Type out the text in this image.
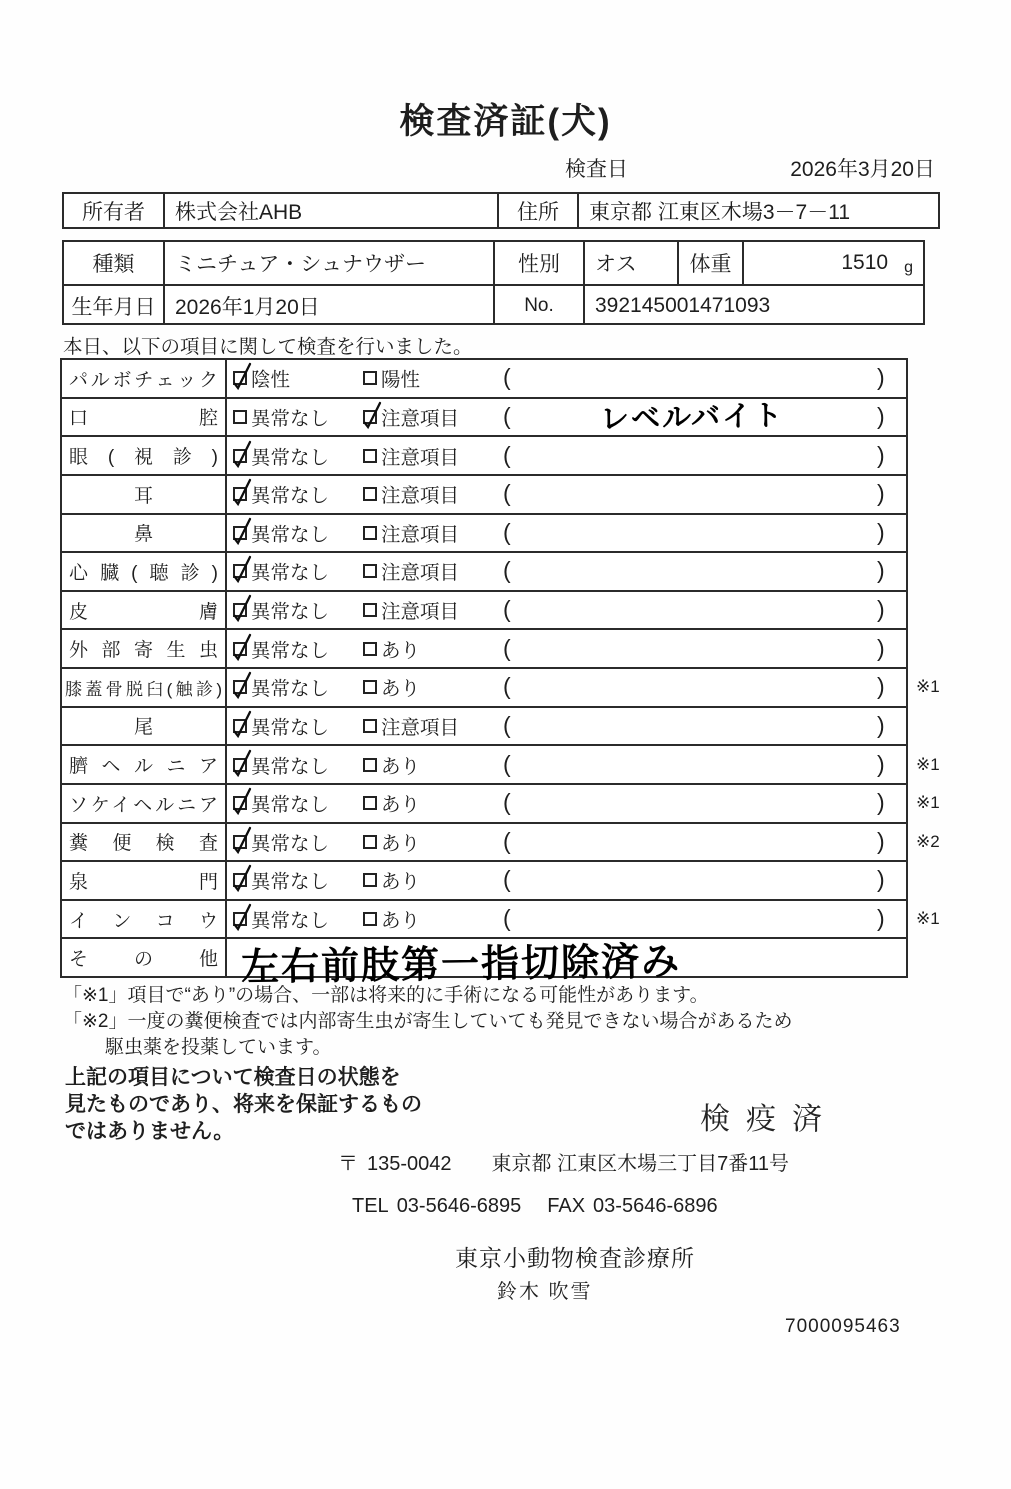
検査済証(犬)
検査日	2026年3月20日
所有者	株式会社AHB	住所	東京都 江東区木場3－7－11
種類	ミニチュア・シュナウザー	性別	オス	体重	1510 g
生年月日 2026年1月20日	No.	392145001471093
本日、以下の項目に関して検査を行いました。
パルボチェック 陰性	陽性	(	)
口腔 異常なし	注意項目 (	レベルバイト	)
眼(視診) 異常なし	注意項目 (	)
耳	異常なし	注意項目 (	)
鼻	異常なし	注意項目 (	)
心臓(聴診) 異常なし	注意項目 (	)
皮膚 異常なし	注意項目 (	)
外部寄生虫 異常なし	あり	(	)
膝蓋骨脱臼(触診) 異常なし	あり	(	) ※1
尾	異常なし	注意項目 (	)
臍ヘルニア 異常なし	あり	(	) ※1
ソケイヘルニア 異常なし	あり	(	) ※1
糞便検査 異常なし	あり	(	) ※2
泉門 異常なし	あり	(	)
インコウ 異常なし	あり	(	) ※1
その他 左右前肢第一指切除済み
「※1」項目で“あり”の場合、一部は将来的に手術になる可能性があります。
「※2」一度の糞便検査では内部寄生虫が寄生していても発見できない場合があるため
駆虫薬を投薬しています。
上記の項目について検査日の状態を
見たものであり、将来を保証するもの
ではありません。	検疫済
〒 135-0042 東京都 江東区木場三丁目7番11号
TEL 03-5646-6895 FAX 03-5646-6896
東京小動物検査診療所
鈴木 吹雪
7000095463
